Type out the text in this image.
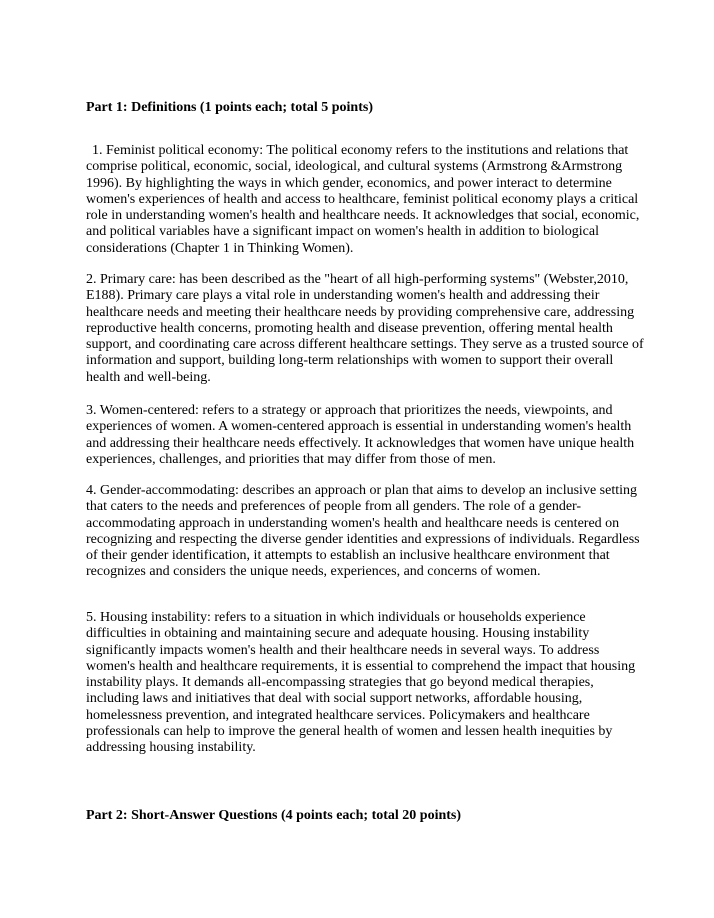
Part 1: Definitions (1 points each; total 5 points)

1. Feminist political economy: The political economy refers to the institutions and relations that comprise political, economic, social, ideological, and cultural systems (Armstrong &Armstrong 1996). By highlighting the ways in which gender, economics, and power interact to determine women's experiences of health and access to healthcare, feminist political economy plays a critical role in understanding women's health and healthcare needs. It acknowledges that social, economic, and political variables have a significant impact on women's health in addition to biological considerations (Chapter 1 in Thinking Women).

2. Primary care: has been described as the "heart of all high-performing systems" (Webster,2010, E188). Primary care plays a vital role in understanding women's health and addressing their healthcare needs and meeting their healthcare needs by providing comprehensive care, addressing reproductive health concerns, promoting health and disease prevention, offering mental health support, and coordinating care across different healthcare settings. They serve as a trusted source of information and support, building long-term relationships with women to support their overall health and well-being.

3. Women-centered: refers to a strategy or approach that prioritizes the needs, viewpoints, and experiences of women. A women-centered approach is essential in understanding women's health and addressing their healthcare needs effectively. It acknowledges that women have unique health experiences, challenges, and priorities that may differ from those of men.

4. Gender-accommodating: describes an approach or plan that aims to develop an inclusive setting that caters to the needs and preferences of people from all genders. The role of a gender-accommodating approach in understanding women's health and healthcare needs is centered on recognizing and respecting the diverse gender identities and expressions of individuals. Regardless of their gender identification, it attempts to establish an inclusive healthcare environment that recognizes and considers the unique needs, experiences, and concerns of women.

5. Housing instability: refers to a situation in which individuals or households experience difficulties in obtaining and maintaining secure and adequate housing. Housing instability significantly impacts women's health and their healthcare needs in several ways. To address women's health and healthcare requirements, it is essential to comprehend the impact that housing instability plays. It demands all-encompassing strategies that go beyond medical therapies, including laws and initiatives that deal with social support networks, affordable housing, homelessness prevention, and integrated healthcare services. Policymakers and healthcare professionals can help to improve the general health of women and lessen health inequities by addressing housing instability.

Part 2: Short-Answer Questions (4 points each; total 20 points)
